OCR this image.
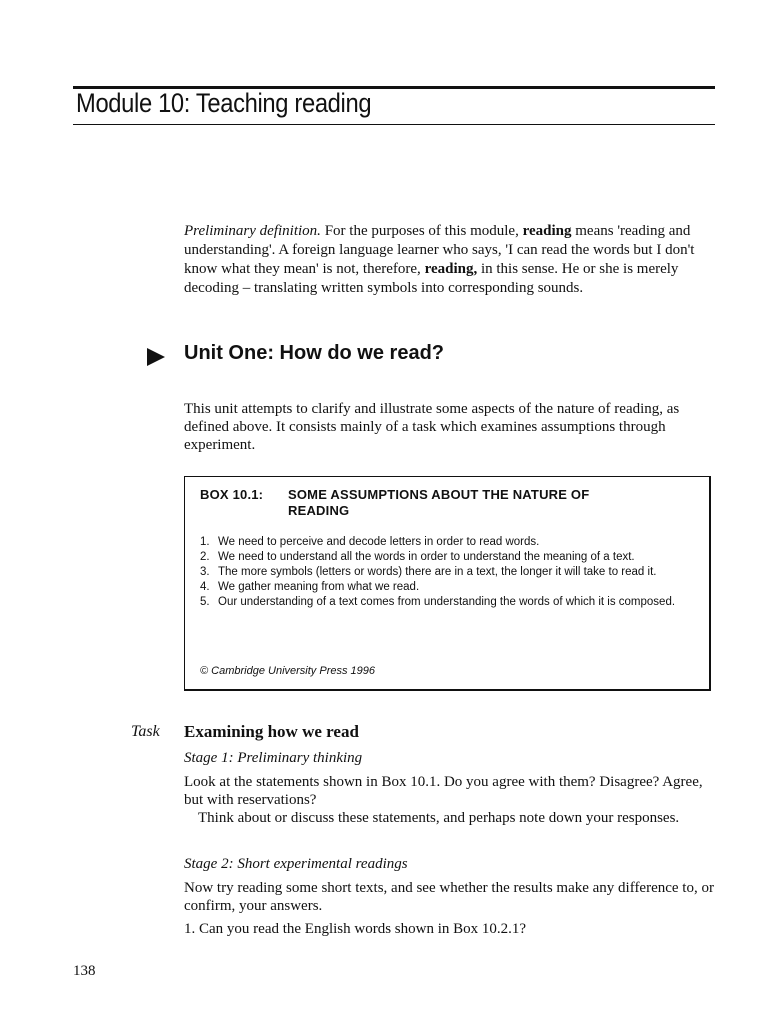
Module 10: Teaching reading

Preliminary definition. For the purposes of this module, reading means 'reading and understanding'. A foreign language learner who says, 'I can read the words but I don't know what they mean' is not, therefore, reading, in this sense. He or she is merely decoding – translating written symbols into corresponding sounds.

Unit One: How do we read?

This unit attempts to clarify and illustrate some aspects of the nature of reading, as defined above. It consists mainly of a task which examines assumptions through experiment.

BOX 10.1: SOME ASSUMPTIONS ABOUT THE NATURE OF
READING
1. We need to perceive and decode letters in order to read words.
2. We need to understand all the words in order to understand the meaning of a text.
3. The more symbols (letters or words) there are in a text, the longer it will take to read it.
4. We gather meaning from what we read.
5. Our understanding of a text comes from understanding the words of which it is composed.
© Cambridge University Press 1996
Task Examining how we read

Stage 1: Preliminary thinking

Look at the statements shown in Box 10.1. Do you agree with them? Disagree? Agree, but with reservations?
Think about or discuss these statements, and perhaps note down your responses.

Stage 2: Short experimental readings

Now try reading some short texts, and see whether the results make any difference to, or confirm, your answers.

1. Can you read the English words shown in Box 10.2.1?

138
